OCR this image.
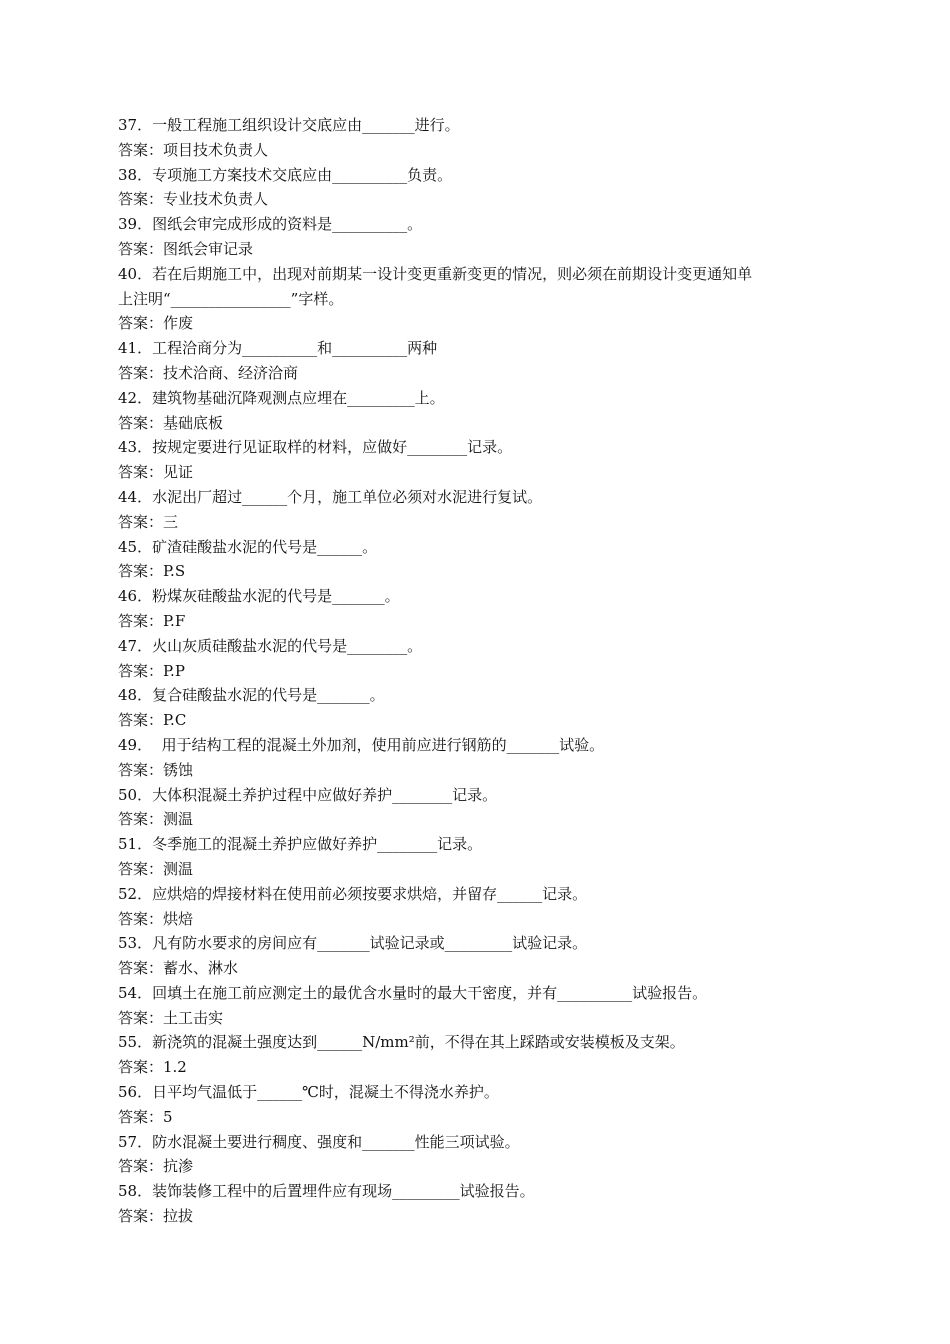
37．一般工程施工组织设计交底应由_______进行。
答案：项目技术负责人
38．专项施工方案技术交底应由__________负责。
答案：专业技术负责人
39．图纸会审完成形成的资料是__________。
答案：图纸会审记录
40．若在后期施工中，出现对前期某一设计变更重新变更的情况，则必须在前期设计变更通知单
上注明“________________”字样。
答案：作废
41．工程洽商分为__________和__________两种
答案：技术洽商、经济洽商
42．建筑物基础沉降观测点应埋在_________上。
答案：基础底板
43．按规定要进行见证取样的材料，应做好________记录。
答案：见证
44．水泥出厂超过______个月，施工单位必须对水泥进行复试。
答案：三
45．矿渣硅酸盐水泥的代号是______。
答案：P.S
46．粉煤灰硅酸盐水泥的代号是_______。
答案：P.F
47．火山灰质硅酸盐水泥的代号是________。
答案：P.P
48．复合硅酸盐水泥的代号是_______。
答案：P.C
49．  用于结构工程的混凝土外加剂，使用前应进行钢筋的_______试验。
答案：锈蚀
50．大体积混凝土养护过程中应做好养护________记录。
答案：测温
51．冬季施工的混凝土养护应做好养护________记录。
答案：测温
52．应烘焙的焊接材料在使用前必须按要求烘焙，并留存______记录。
答案：烘焙
53．凡有防水要求的房间应有_______试验记录或_________试验记录。
答案：蓄水、淋水
54．回填土在施工前应测定土的最优含水量时的最大干密度，并有__________试验报告。
答案：土工击实
55．新浇筑的混凝土强度达到______N/mm²前，不得在其上踩踏或安装模板及支架。
答案：1.2
56．日平均气温低于______℃时，混凝土不得浇水养护。
答案：5
57．防水混凝土要进行稠度、强度和_______性能三项试验。
答案：抗渗
58．装饰装修工程中的后置埋件应有现场_________试验报告。
答案：拉拔
